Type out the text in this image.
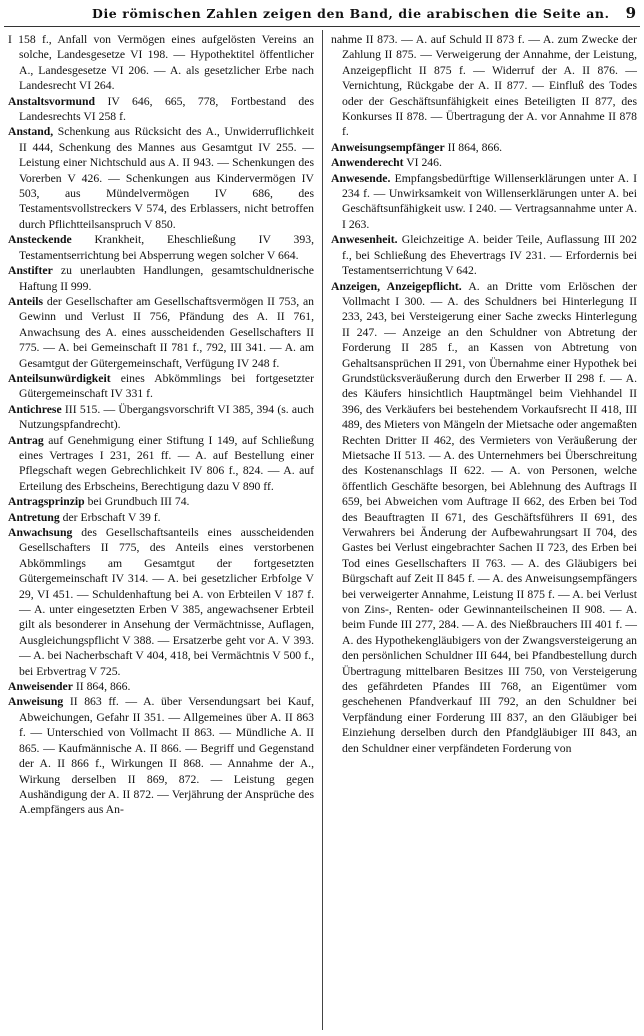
Die römischen Zahlen zeigen den Band, die arabischen die Seite an. 9

I 158 f., Anfall von Vermögen eines aufgelösten Vereins an solche, Landesgesetze VI 198. — Hypothektitel öffentlicher A., Landesgesetze VI 206. — A. als gesetzlicher Erbe nach Landesrecht VI 264.

Anstaltsvormund IV 646, 665, 778, Fortbestand des Landesrechts VI 258 f.

Anstand, Schenkung aus Rücksicht des A., Unwiderruflichkeit II 444, Schenkung des Mannes aus Gesamtgut IV 255. — Leistung einer Nichtschuld aus A. II 943. — Schenkungen des Vorerben V 426. — Schenkungen aus Kindervermögen IV 503, aus Mündelvermögen IV 686, des Testamentsvollstreckers V 574, des Erblassers, nicht betroffen durch Pflichtteilsanspruch V 850.

Ansteckende Krankheit, Eheschließung IV 393, Testamentserrichtung bei Absperrung wegen solcher V 664.

Anstifter zu unerlaubten Handlungen, gesamtschuldnerische Haftung II 999.

Anteils der Gesellschafter am Gesellschaftsvermögen II 753, an Gewinn und Verlust II 756, Pfändung des A. II 761, Anwachsung des A. eines ausscheidenden Gesellschafters II 775. — A. bei Gemeinschaft II 781 f., 792, III 341. — A. am Gesamtgut der Gütergemeinschaft, Verfügung IV 248 f.

Anteilsunwürdigkeit eines Abkömmlings bei fortgesetzter Gütergemeinschaft IV 331 f.

Antichrese III 515. — Übergangsvorschrift VI 385, 394 (s. auch Nutzungspfandrecht).

Antrag auf Genehmigung einer Stiftung I 149, auf Schließung eines Vertrages I 231, 261 ff. — A. auf Bestellung einer Pflegschaft wegen Gebrechlichkeit IV 806 f., 824. — A. auf Erteilung des Erbscheins, Berechtigung dazu V 890 ff.

Antragsprinzip bei Grundbuch III 74.

Antretung der Erbschaft V 39 f.

Anwachsung des Gesellschaftsanteils eines ausscheidenden Gesellschafters II 775, des Anteils eines verstorbenen Abkömmlings am Gesamtgut der fortgesetzten Gütergemeinschaft IV 314. — A. bei gesetzlicher Erbfolge V 29, VI 451. — Schuldenhaftung bei A. von Erbteilen V 187 f. — A. unter eingesetzten Erben V 385, angewachsener Erbteil gilt als besonderer in Ansehung der Vermächtnisse, Auflagen, Ausgleichungspflicht V 388. — Ersatzerbe geht vor A. V 393. — A. bei Nacherbschaft V 404, 418, bei Vermächtnis V 500 f., bei Erbvertrag V 725.

Anweisender II 864, 866.

Anweisung II 863 ff. — A. über Versendungsart bei Kauf, Abweichungen, Gefahr II 351. — Allgemeines über A. II 863 f. — Unterschied von Vollmacht II 863. — Mündliche A. II 865. — Kaufmännische A. II 866. — Begriff und Gegenstand der A. II 866 f., Wirkungen II 868. — Annahme der A., Wirkung derselben II 869, 872. — Leistung gegen Aushändigung der A. II 872. — Verjährung der Ansprüche des A.empfängers aus An-

nahme II 873. — A. auf Schuld II 873 f. — A. zum Zwecke der Zahlung II 875. — Verweigerung der Annahme, der Leistung, Anzeigepflicht II 875 f. — Widerruf der A. II 876. — Vernichtung, Rückgabe der A. II 877. — Einfluß des Todes oder der Geschäftsunfähigkeit eines Beteiligten II 877, des Konkurses II 878. — Übertragung der A. vor Annahme II 878 f.

Anweisungsempfänger II 864, 866.

Anwenderecht VI 246.

Anwesende. Empfangsbedürftige Willenserklärungen unter A. I 234 f. — Unwirksamkeit von Willenserklärungen unter A. bei Geschäftsunfähigkeit usw. I 240. — Vertragsannahme unter A. I 263.

Anwesenheit. Gleichzeitige A. beider Teile, Auflassung III 202 f., bei Schließung des Ehevertrags IV 231. — Erfordernis bei Testamentserrichtung V 642.

Anzeigen, Anzeigepflicht. A. an Dritte vom Erlöschen der Vollmacht I 300. — A. des Schuldners bei Hinterlegung II 233, 243, bei Versteigerung einer Sache zwecks Hinterlegung II 247. — Anzeige an den Schuldner von Abtretung der Forderung II 285 f., an Kassen von Abtretung von Gehaltsansprüchen II 291, von Übernahme einer Hypothek bei Grundstücksveräußerung durch den Erwerber II 298 f. — A. des Käufers hinsichtlich Hauptmängel beim Viehhandel II 396, des Verkäufers bei bestehendem Vorkaufsrecht II 418, III 489, des Mieters von Mängeln der Mietsache oder angemaßten Rechten Dritter II 462, des Vermieters von Veräußerung der Mietsache II 513. — A. des Unternehmers bei Überschreitung des Kostenanschlags II 622. — A. von Personen, welche öffentlich Geschäfte besorgen, bei Ablehnung des Auftrags II 659, bei Abweichen vom Auftrage II 662, des Erben bei Tod des Beauftragten II 671, des Geschäftsführers II 691, des Verwahrers bei Änderung der Aufbewahrungsart II 704, des Gastes bei Verlust eingebrachter Sachen II 723, des Erben bei Tod eines Gesellschafters II 763. — A. des Gläubigers bei Bürgschaft auf Zeit II 845 f. — A. des Anweisungsempfängers bei verweigerter Annahme, Leistung II 875 f. — A. bei Verlust von Zins-, Renten- oder Gewinnanteilscheinen II 908. — A. beim Funde III 277, 284. — A. des Nießbrauchers III 401 f. — A. des Hypothekengläubigers von der Zwangsversteigerung an den persönlichen Schuldner III 644, bei Pfandbestellung durch Übertragung mittelbaren Besitzes III 750, von Versteigerung des gefährdeten Pfandes III 768, an Eigentümer vom geschehenen Pfandverkauf III 792, an den Schuldner bei Verpfändung einer Forderung III 837, an den Gläubiger bei Einziehung derselben durch den Pfandgläubiger III 843, an den Schuldner einer verpfändeten Forderung von
